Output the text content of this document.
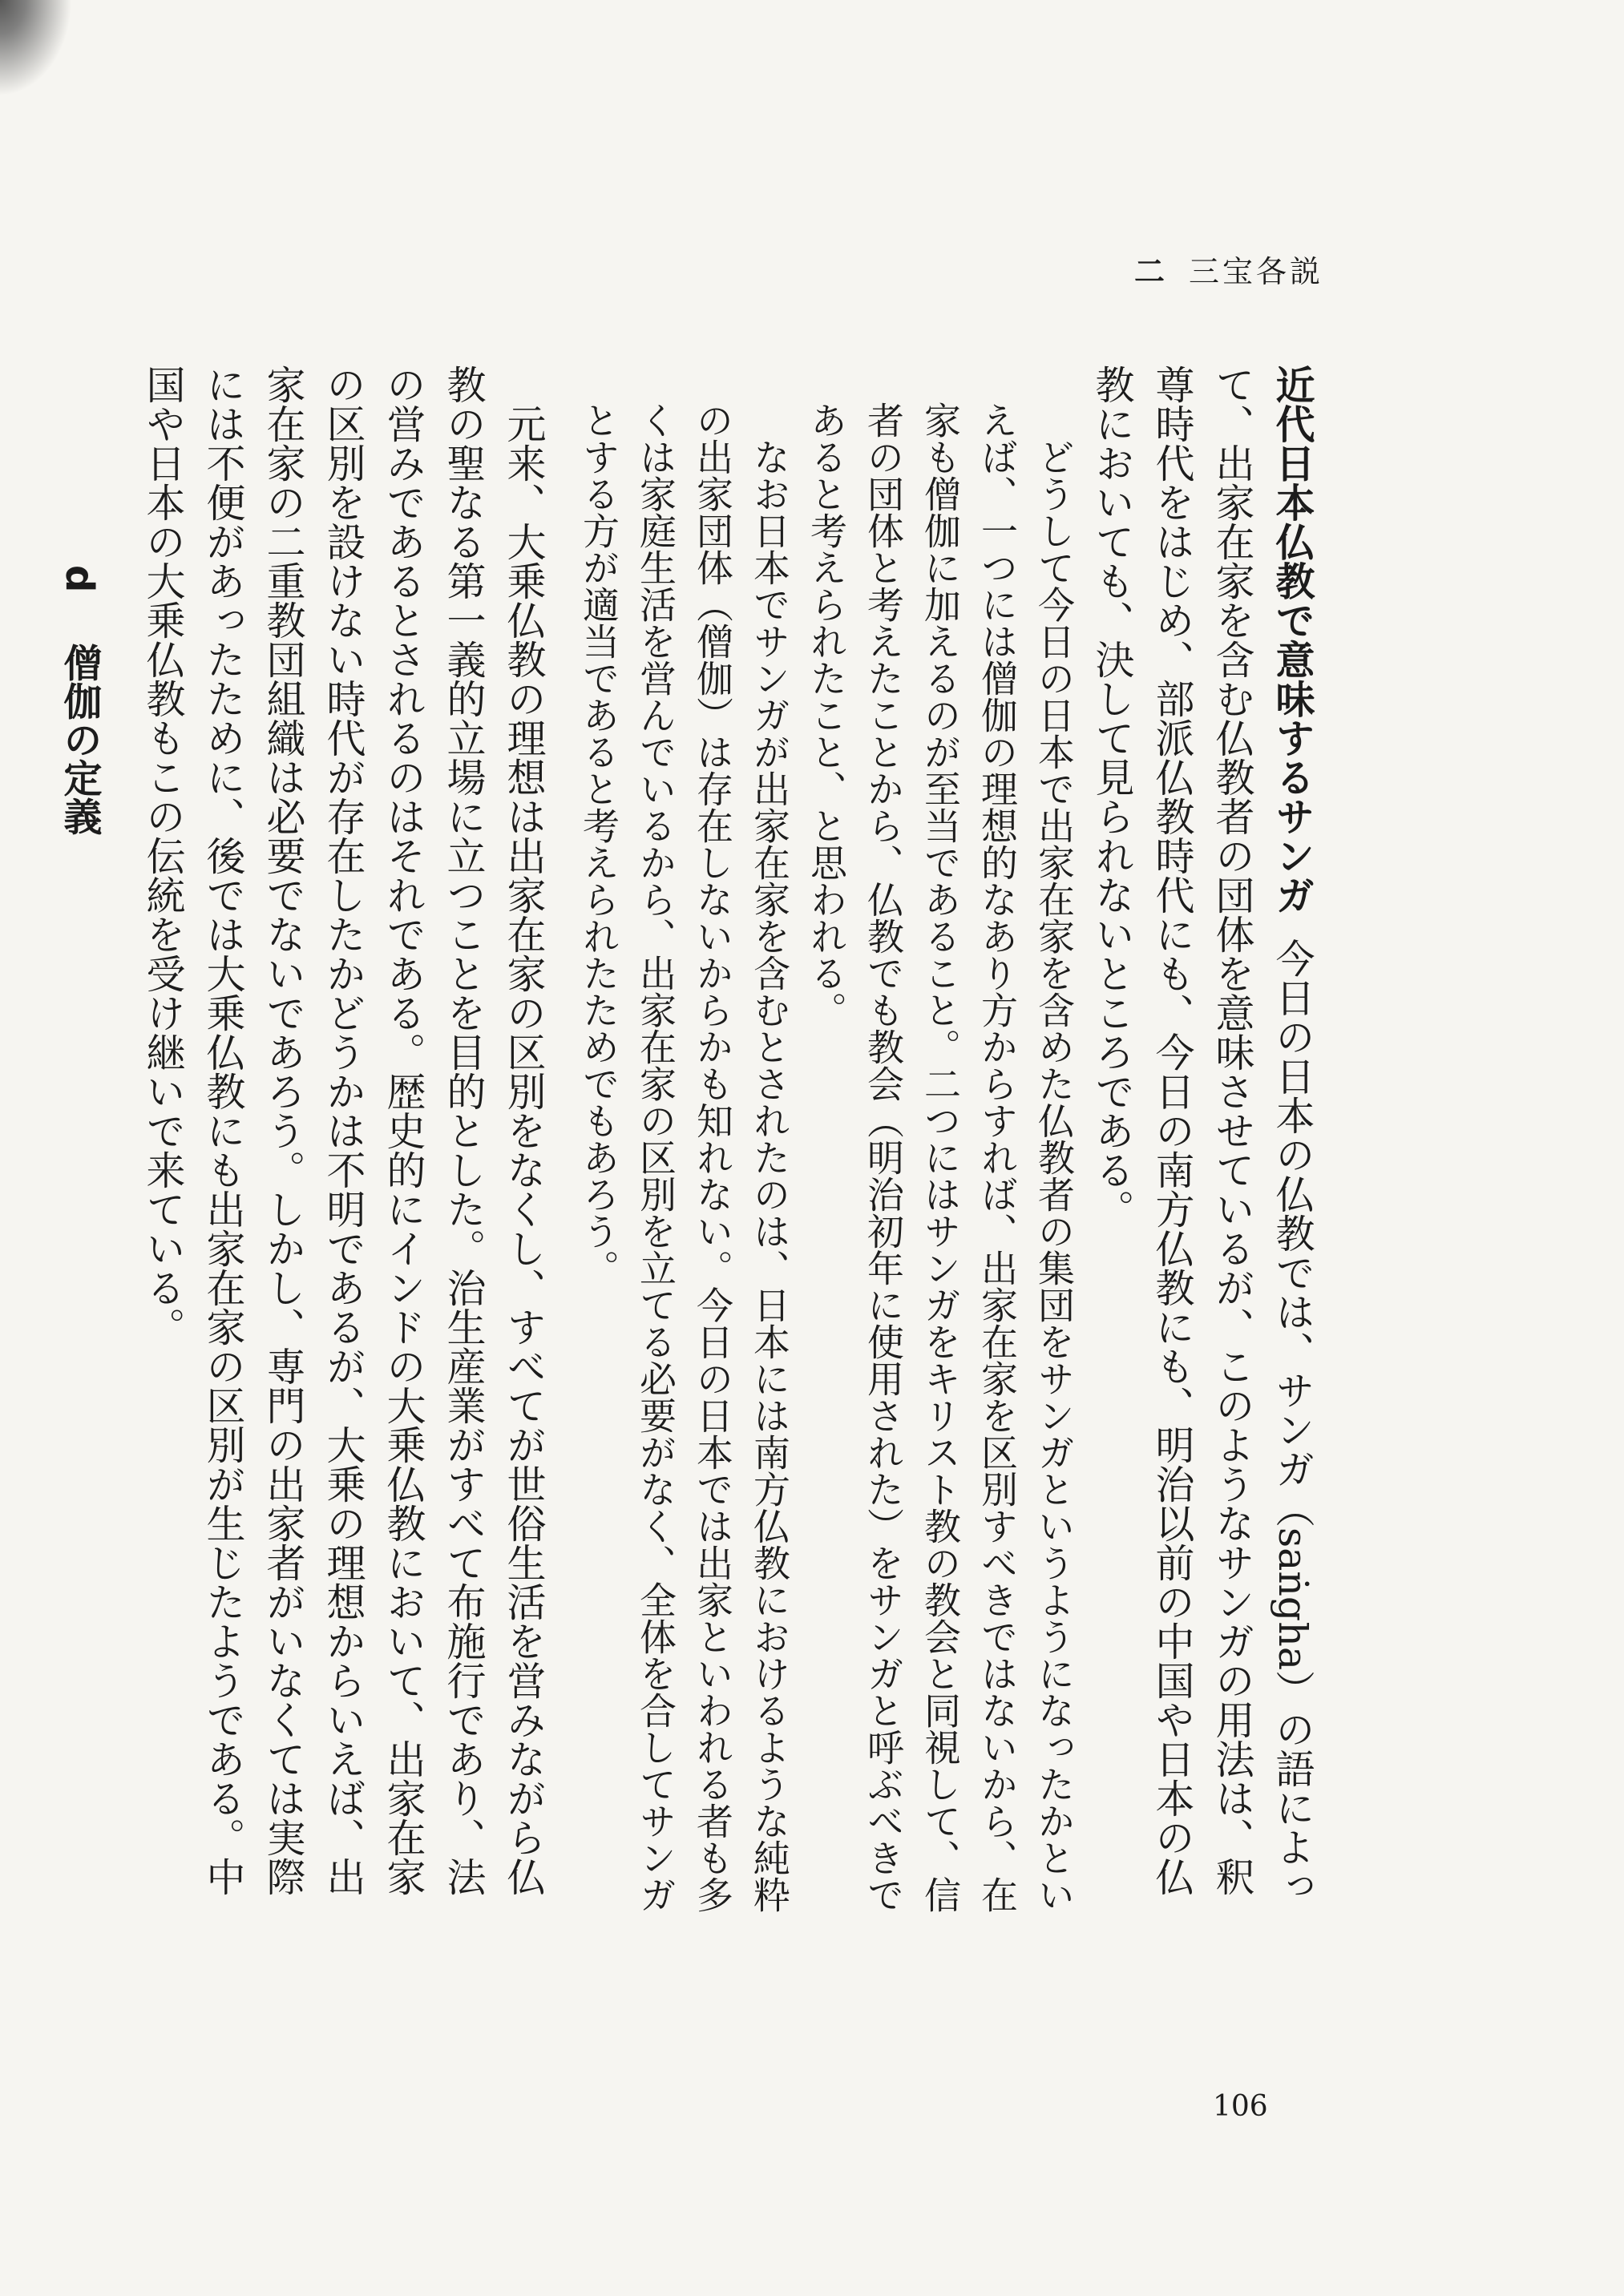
二 三宝各説

近代日本仏教で意味するサンガ今日の日本の仏教では、サンガ（saṅgha）の語によって、出家在家を含む仏教者の団体を意味させているが、このようなサンガの用法は、釈尊時代をはじめ、部派仏教時代にも、今日の南方仏教にも、明治以前の中国や日本の仏教においても、決して見られないところである。

どうして今日の日本で出家在家を含めた仏教者の集団をサンガというようになったかといえば、一つには僧伽の理想的なあり方からすれば、出家在家を区別すべきではないから、在家も僧伽に加えるのが至当であること。二つにはサンガをキリスト教の教会と同視して、信者の団体と考えたことから、仏教でも教会（明治初年に使用された）をサンガと呼ぶべきであると考えられたこと、と思われる。

なお日本でサンガが出家在家を含むとされたのは、日本には南方仏教におけるような純粋の出家団体（僧伽）は存在しないからかも知れない。今日の日本では出家といわれる者も多くは家庭生活を営んでいるから、出家在家の区別を立てる必要がなく、全体を合してサンガとする方が適当であると考えられたためでもあろう。

元来、大乗仏教の理想は出家在家の区別をなくし、すべてが世俗生活を営みながら仏教の聖なる第一義的立場に立つことを目的とした。治生産業がすべて布施行であり、法の営みであるとされるのはそれである。歴史的にインドの大乗仏教において、出家在家の区別を設けない時代が存在したかどうかは不明であるが、大乗の理想からいえば、出家在家の二重教団組織は必要でないであろう。しかし、専門の出家者がいなくては実際には不便があったために、後では大乗仏教にも出家在家の区別が生じたようである。中国や日本の大乗仏教もこの伝統を受け継いで来ている。

d 僧伽の定義
106
